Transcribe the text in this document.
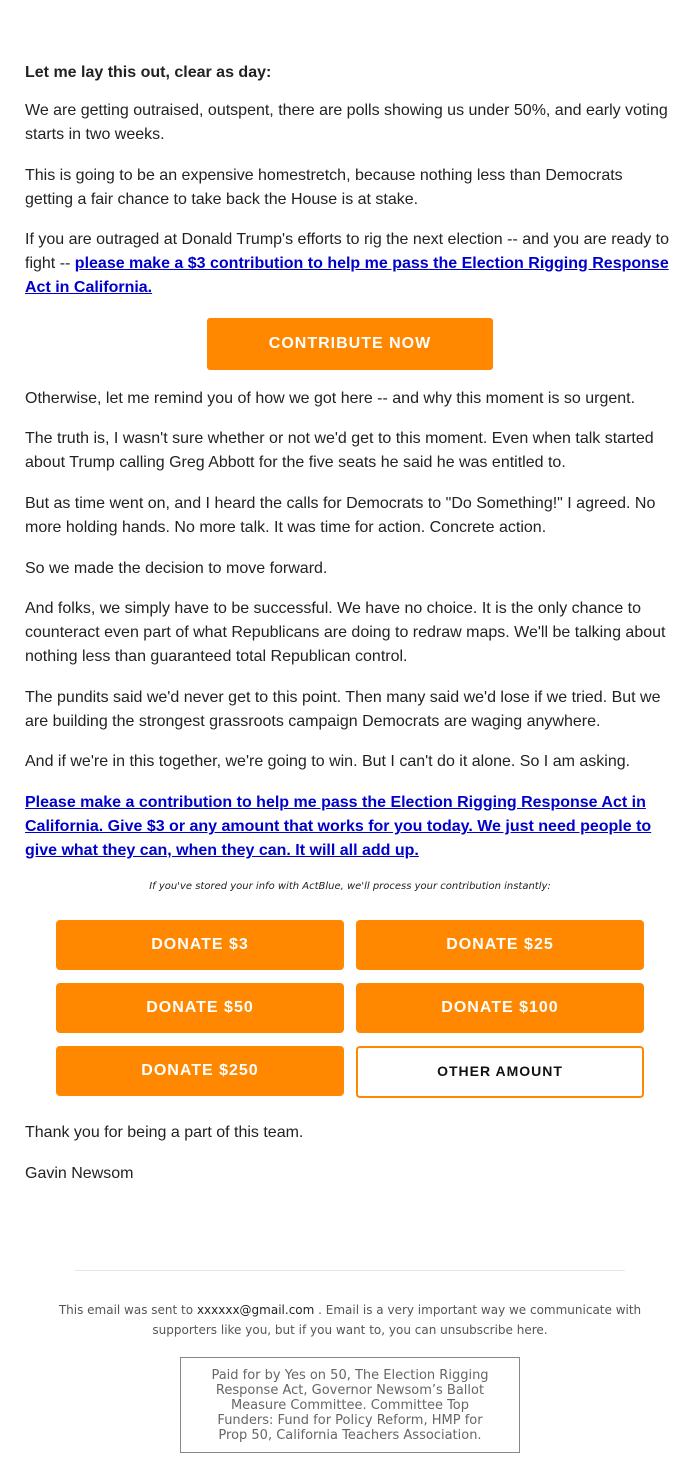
Let me lay this out, clear as day:

We are getting outraised, outspent, there are polls showing us under 50%, and early voting starts in two weeks.

This is going to be an expensive homestretch, because nothing less than Democrats getting a fair chance to take back the House is at stake.

If you are outraged at Donald Trump's efforts to rig the next election -- and you are ready to fight -- please make a $3 contribution to help me pass the Election Rigging Response Act in California.

CONTRIBUTE NOW

Otherwise, let me remind you of how we got here -- and why this moment is so urgent.

The truth is, I wasn't sure whether or not we'd get to this moment. Even when talk started about Trump calling Greg Abbott for the five seats he said he was entitled to.

But as time went on, and I heard the calls for Democrats to "Do Something!" I agreed. No more holding hands. No more talk. It was time for action. Concrete action.

So we made the decision to move forward.

And folks, we simply have to be successful. We have no choice. It is the only chance to counteract even part of what Republicans are doing to redraw maps. We'll be talking about nothing less than guaranteed total Republican control.

The pundits said we'd never get to this point. Then many said we'd lose if we tried. But we are building the strongest grassroots campaign Democrats are waging anywhere.

And if we're in this together, we're going to win. But I can't do it alone. So I am asking.

Please make a contribution to help me pass the Election Rigging Response Act in California. Give $3 or any amount that works for you today. We just need people to give what they can, when they can. It will all add up.

If you've stored your info with ActBlue, we'll process your contribution instantly:
DONATE $3	DONATE $25
DONATE $50	DONATE $100
DONATE $250	OTHER AMOUNT

Thank you for being a part of this team.

Gavin Newsom

This email was sent to xxxxxx@gmail.com . Email is a very important way we communicate with supporters like you, but if you want to, you can unsubscribe here.
Paid for by Yes on 50, The Election Rigging Response Act, Governor Newsom’s Ballot Measure Committee. Committee Top Funders: Fund for Policy Reform, HMP for Prop 50, California Teachers Association.
